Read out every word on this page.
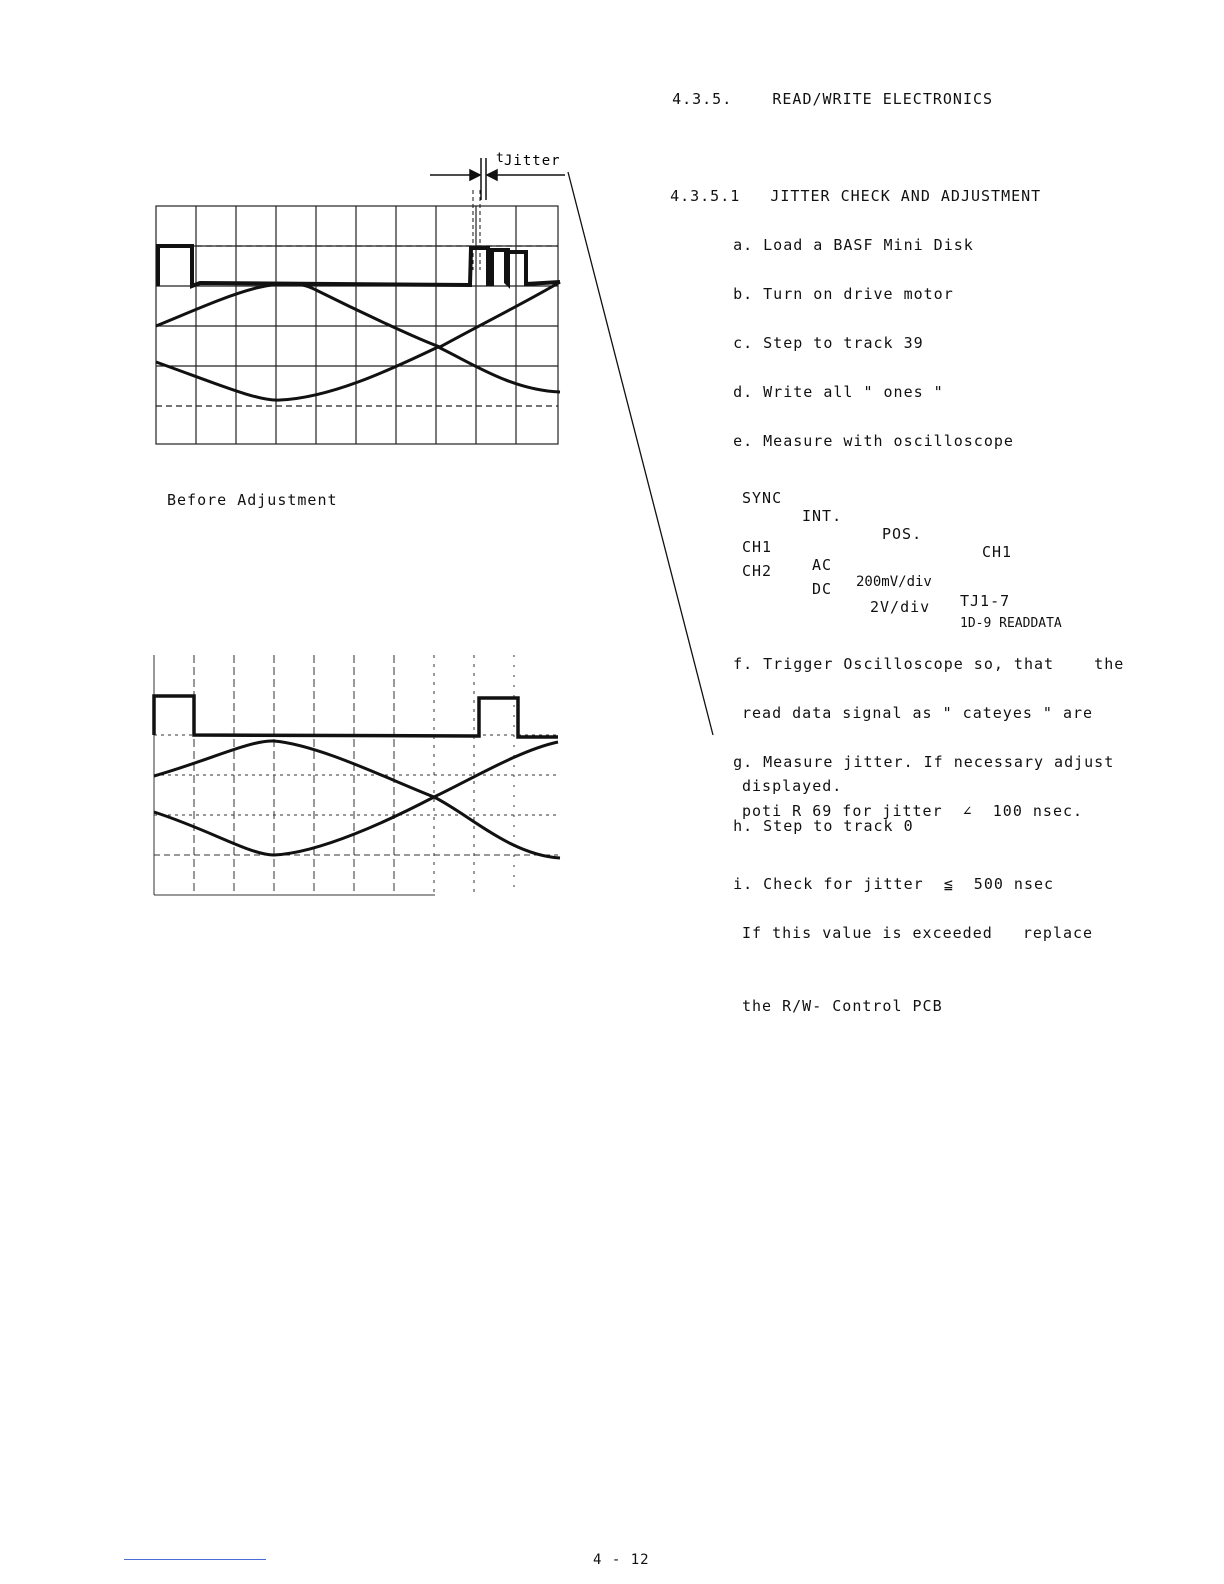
4.3.5.	READ/WRITE ELECTRONICS

4.3.5.1 JITTER CHECK AND ADJUSTMENT

a. Load a BASF Mini Disk

b. Turn on drive motor

c. Step to track 39

d. Write all " ones "

e. Measure with oscilloscope

SYNC

INT.

POS.

CH1

CH1

AC

200mV/div

TJ1-7

CH2

DC

2V/div

1D-9 READDATA

f. Trigger Oscilloscope so, that    the

read data signal as " cateyes " are

displayed.

g. Measure jitter. If necessary adjust

poti R 69 for jitter  ∠  100 nsec.

h. Step to track 0

i. Check for jitter  ≦  500 nsec

If this value is exceeded   replace

the R/W- Control PCB

t Jitter
Before Adjustment
4 - 12
